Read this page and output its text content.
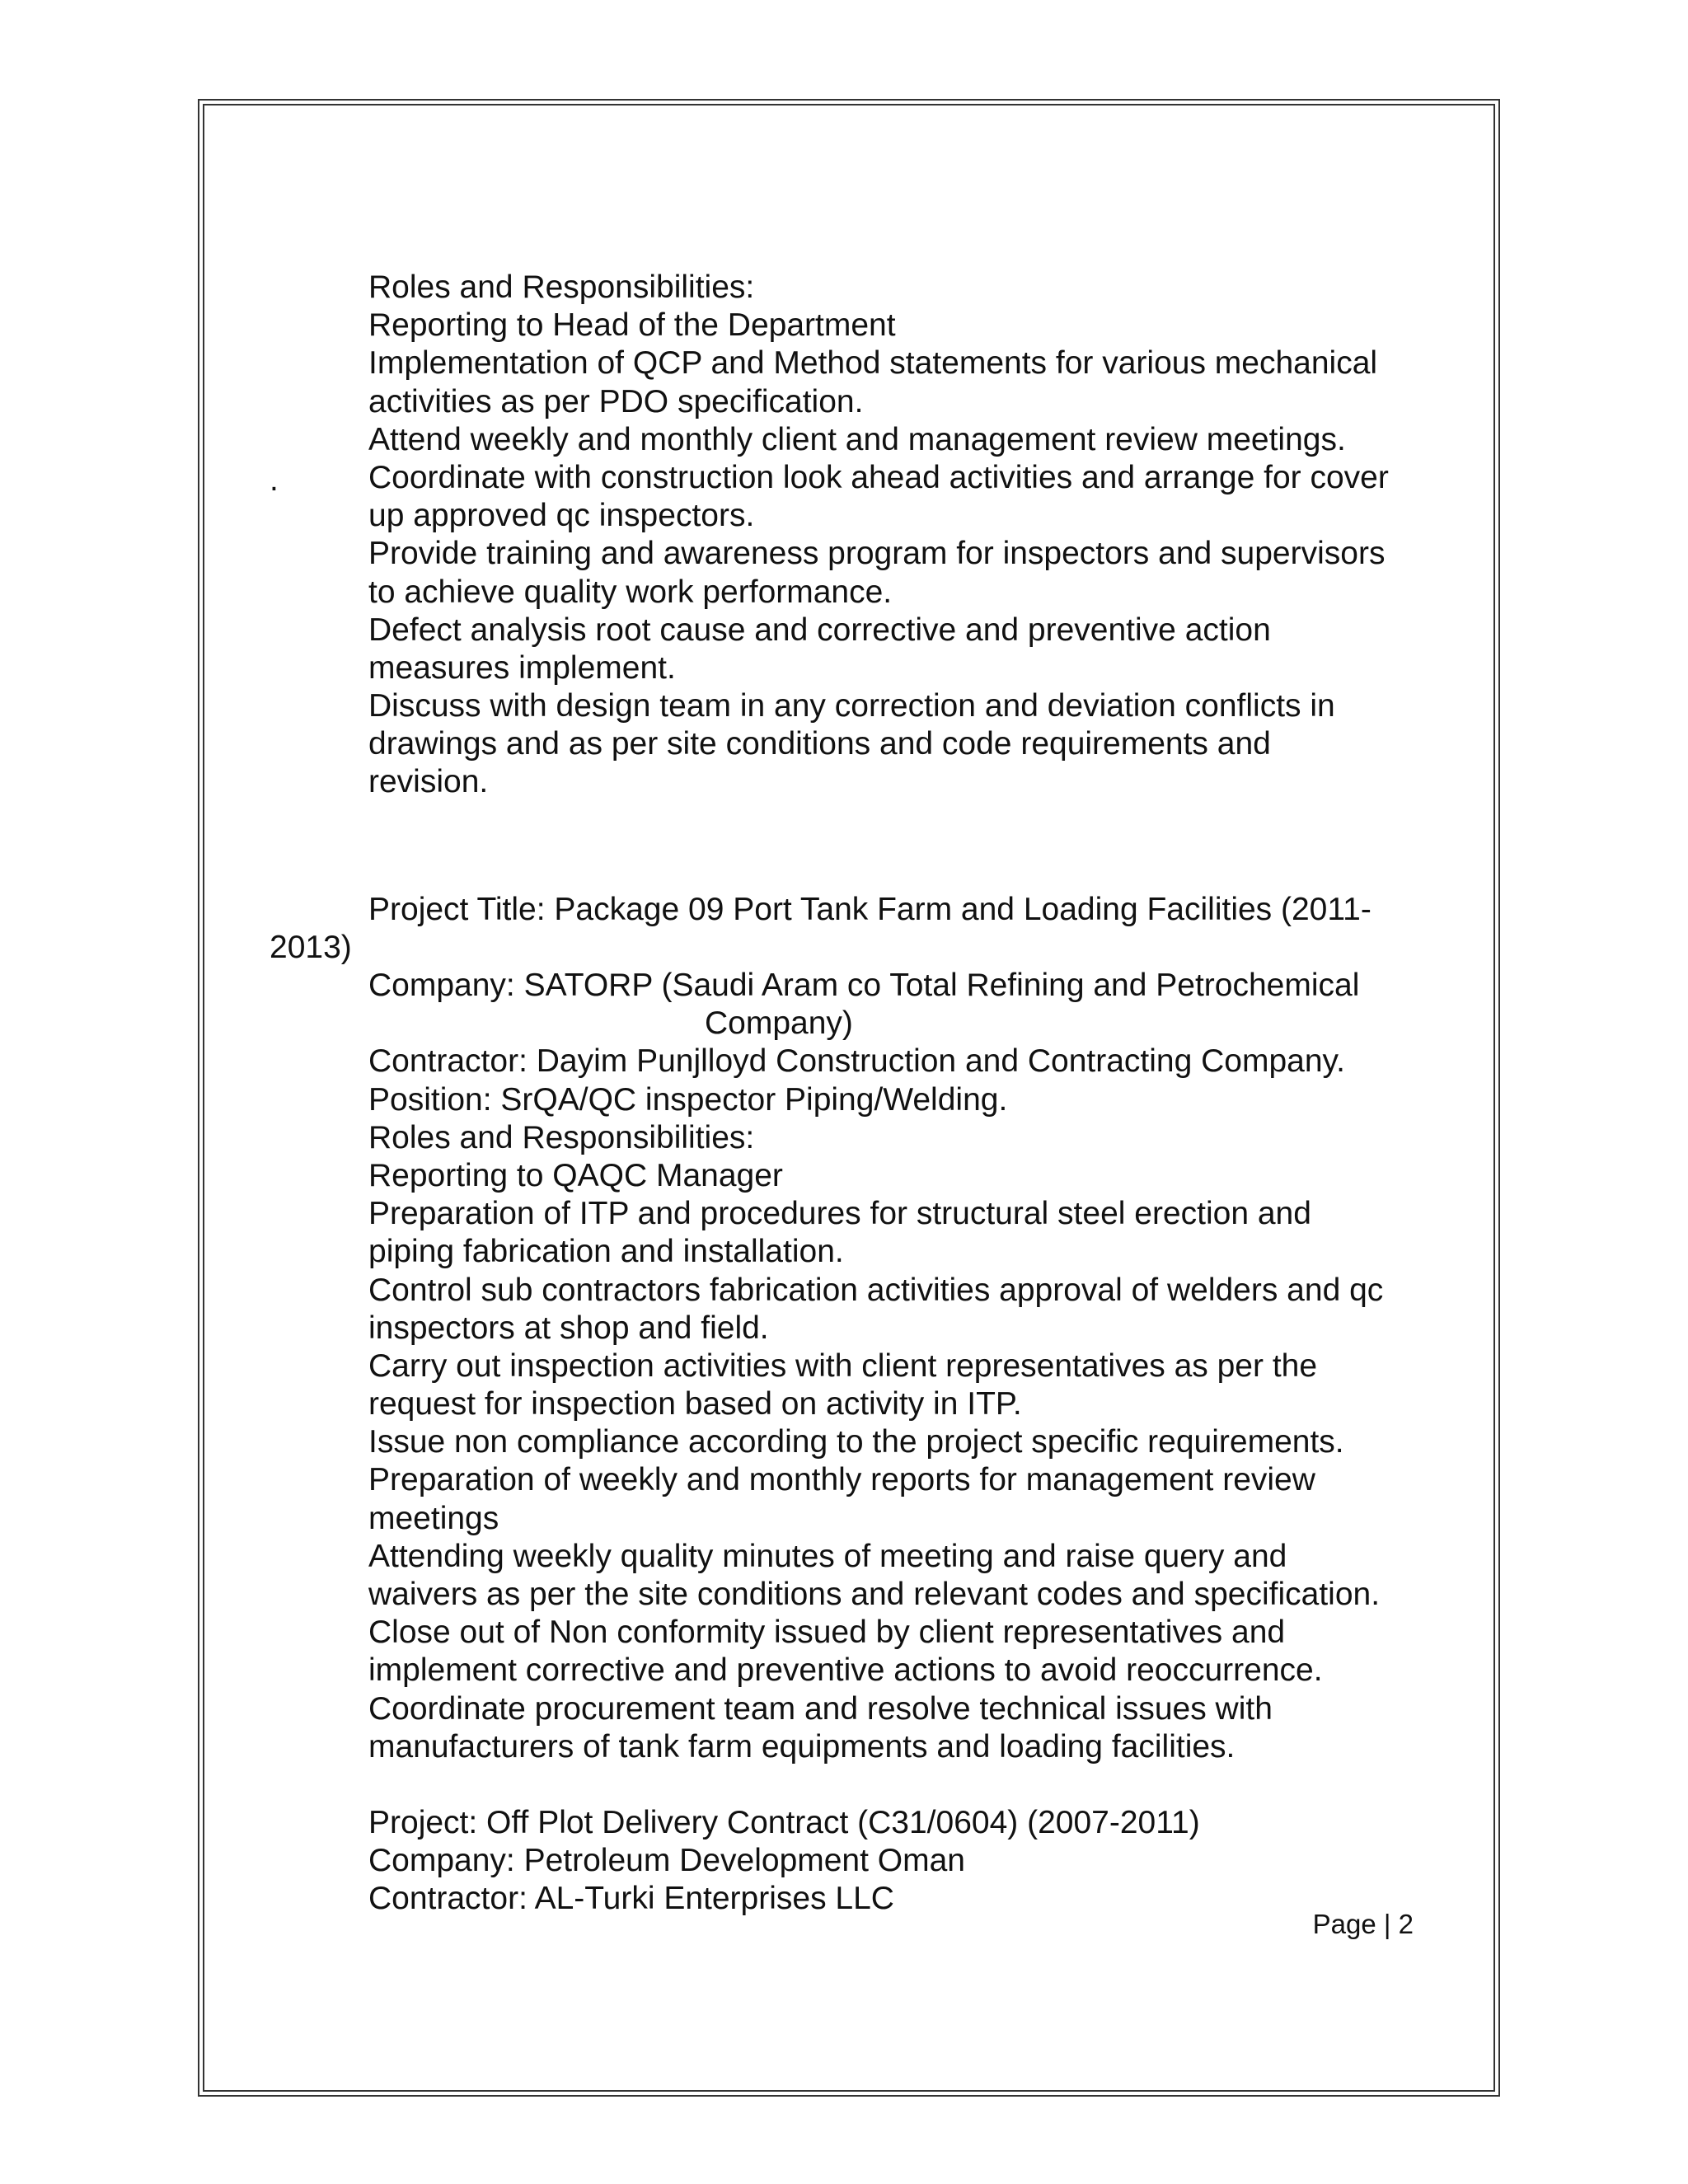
.
Roles and Responsibilities:
Reporting to Head of the Department
Implementation of QCP and Method statements for various mechanical
activities as per PDO specification.
Attend weekly and monthly client and management review meetings.
Coordinate with construction look ahead activities and arrange for cover
up approved qc inspectors.
Provide training and awareness program for inspectors and supervisors
to achieve quality work performance.
Defect analysis root cause and corrective and preventive action
measures implement.
Discuss with design team in any correction and deviation conflicts in
drawings and as per site conditions and code requirements and
revision.
Project Title: Package 09 Port Tank Farm and Loading Facilities (2011-
2013)
Company: SATORP (Saudi Aram co Total Refining and Petrochemical
Company)
Contractor: Dayim Punjlloyd Construction and Contracting Company.
Position: SrQA/QC inspector Piping/Welding.
Roles and Responsibilities:
Reporting to QAQC Manager
Preparation of ITP and procedures for structural steel erection and
piping fabrication and installation.
Control sub contractors fabrication activities approval of welders and qc
inspectors at shop and field.
Carry out inspection activities with client representatives as per the
request for inspection based on activity in ITP.
Issue non compliance according to the project specific requirements.
Preparation of weekly and monthly reports for management review
meetings
Attending weekly quality minutes of meeting and raise query and
waivers as per the site conditions and relevant codes and specification.
Close out of Non conformity issued by client representatives and
implement corrective and preventive actions to avoid reoccurrence.
Coordinate procurement team and resolve technical issues with
manufacturers of tank farm equipments and loading facilities.
Project: Off Plot Delivery Contract (C31/0604) (2007-2011)
Company: Petroleum Development Oman
Contractor: AL-Turki Enterprises LLC
Page | 2
